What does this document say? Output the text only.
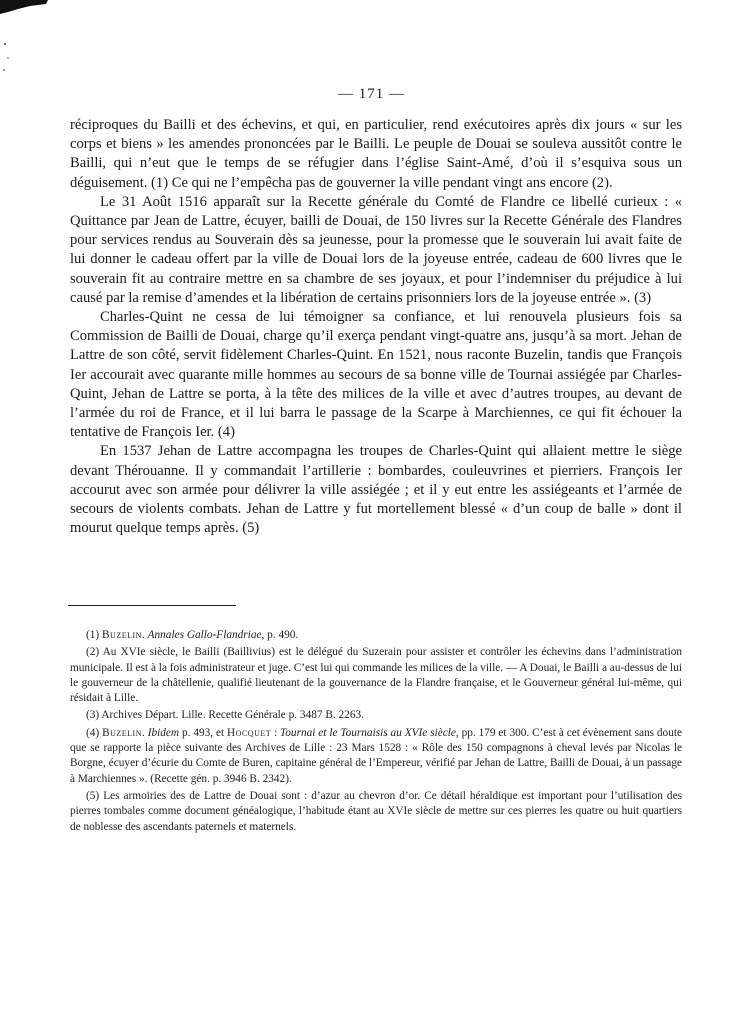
— 171 —

réciproques du Bailli et des échevins, et qui, en particulier, rend exécutoires après dix jours « sur les corps et biens » les amendes prononcées par le Bailli. Le peuple de Douai se souleva aussitôt contre le Bailli, qui n’eut que le temps de se réfugier dans l’église Saint-Amé, d’où il s’esquiva sous un déguisement. (1) Ce qui ne l’empêcha pas de gouverner la ville pendant vingt ans encore (2).

Le 31 Août 1516 apparaît sur la Recette générale du Comté de Flandre ce libellé curieux : « Quittance par Jean de Lattre, écuyer, bailli de Douai, de 150 livres sur la Recette Générale des Flandres pour services rendus au Souverain dès sa jeunesse, pour la promesse que le souverain lui avait faite de lui donner le cadeau offert par la ville de Douai lors de la joyeuse entrée, cadeau de 600 livres que le souverain fit au contraire mettre en sa chambre de ses joyaux, et pour l’indemniser du préjudice à lui causé par la remise d’amendes et la libération de certains prisonniers lors de la joyeuse entrée ». (3)

Charles-Quint ne cessa de lui témoigner sa confiance, et lui renouvela plusieurs fois sa Commission de Bailli de Douai, charge qu’il exerça pendant vingt-quatre ans, jusqu’à sa mort. Jehan de Lattre de son côté, servit fidèlement Charles-Quint. En 1521, nous raconte Buzelin, tandis que François Ier accourait avec quarante mille hommes au secours de sa bonne ville de Tournai assiégée par Charles-Quint, Jehan de Lattre se porta, à la tête des milices de la ville et avec d’autres troupes, au devant de l’armée du roi de France, et il lui barra le passage de la Scarpe à Marchiennes, ce qui fit échouer la tentative de François Ier. (4)

En 1537 Jehan de Lattre accompagna les troupes de Charles-Quint qui allaient mettre le siège devant Thérouanne. Il y commandait l’artillerie : bombardes, couleuvrines et pierriers. François Ier accourut avec son armée pour délivrer la ville assiégée ; et il y eut entre les assiégeants et l’armée de secours de violents combats. Jehan de Lattre y fut mortellement blessé « d’un coup de balle » dont il mourut quelque temps après. (5)

(1) Buzelin. Annales Gallo-Flandriae, p. 490.

(2) Au XVIe siècle, le Bailli (Baillivius) est le délégué du Suzerain pour assister et contrôler les échevins dans l’administration municipale. Il est à la fois administrateur et juge. C’est lui qui commande les milices de la ville. — A Douai, le Bailli a au-dessus de lui le gouverneur de la châtellenie, qualifié lieutenant de la gouvernance de la Flandre française, et le Gouverneur général lui-même, qui résidait à Lille.

(3) Archives Départ. Lille. Recette Générale p. 3487 B. 2263.

(4) Buzelin. Ibidem p. 493, et Hocquet : Tournai et le Tournaisis au XVIe siècle, pp. 179 et 300. C’est à cet évènement sans doute que se rapporte la pièce suivante des Archives de Lille : 23 Mars 1528 : « Rôle des 150 compagnons à cheval levés par Nicolas le Borgne, écuyer d’écurie du Comte de Buren, capitaine général de l’Empereur, vérifié par Jehan de Lattre, Bailli de Douai, à un passage à Marchiennes ». (Recette gén. p. 3946 B. 2342).

(5) Les armoiries des de Lattre de Douai sont : d’azur au chevron d’or. Ce détail héraldique est important pour l’utilisation des pierres tombales comme document généalogique, l’habitude étant au XVIe siècle de mettre sur ces pierres les quatre ou huit quartiers de noblesse des ascendants paternels et maternels.
